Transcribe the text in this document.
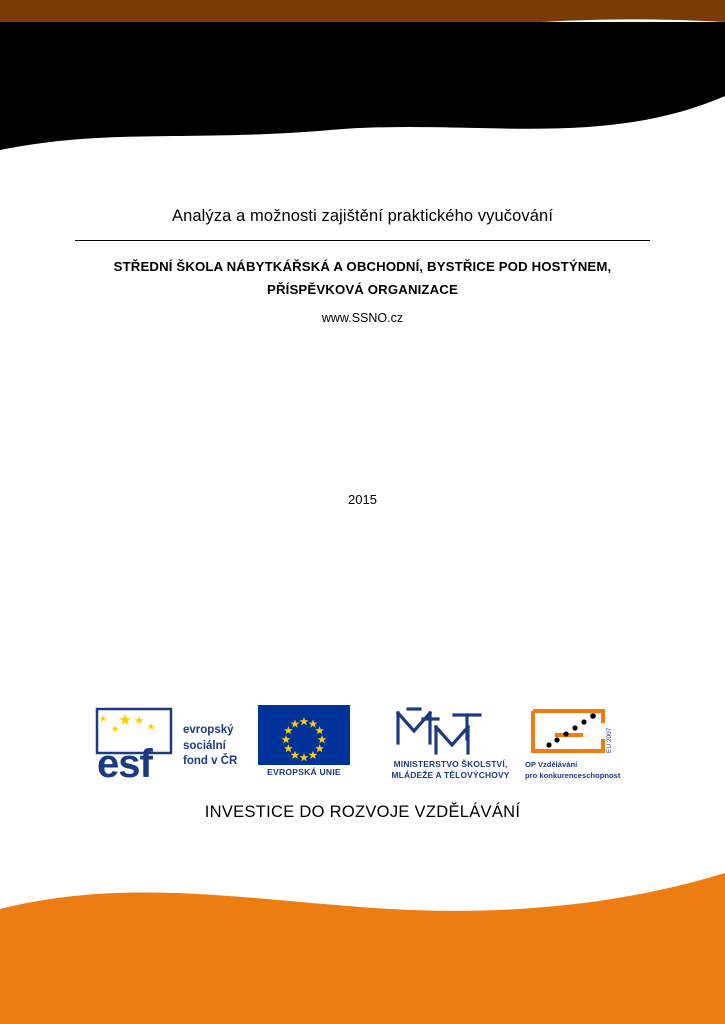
Analýza a možnosti zajištění praktického vyučování
STŘEDNÍ ŠKOLA NÁBYTKÁŘSKÁ A OBCHODNÍ, BYSTŘICE POD HOSTÝNEM,
PŘÍSPĚVKOVÁ ORGANIZACE
www.SSNO.cz
2015
esf
evropský
sociální
fond v ČR
EVROPSKÁ UNIE
MINISTERSTVO ŠKOLSTVÍ,
MLÁDEŽE A TĚLOVÝCHOVY
EU 2007
OP Vzdělávání
pro konkurenceschopnost
INVESTICE DO ROZVOJE VZDĚLÁVÁNÍ
